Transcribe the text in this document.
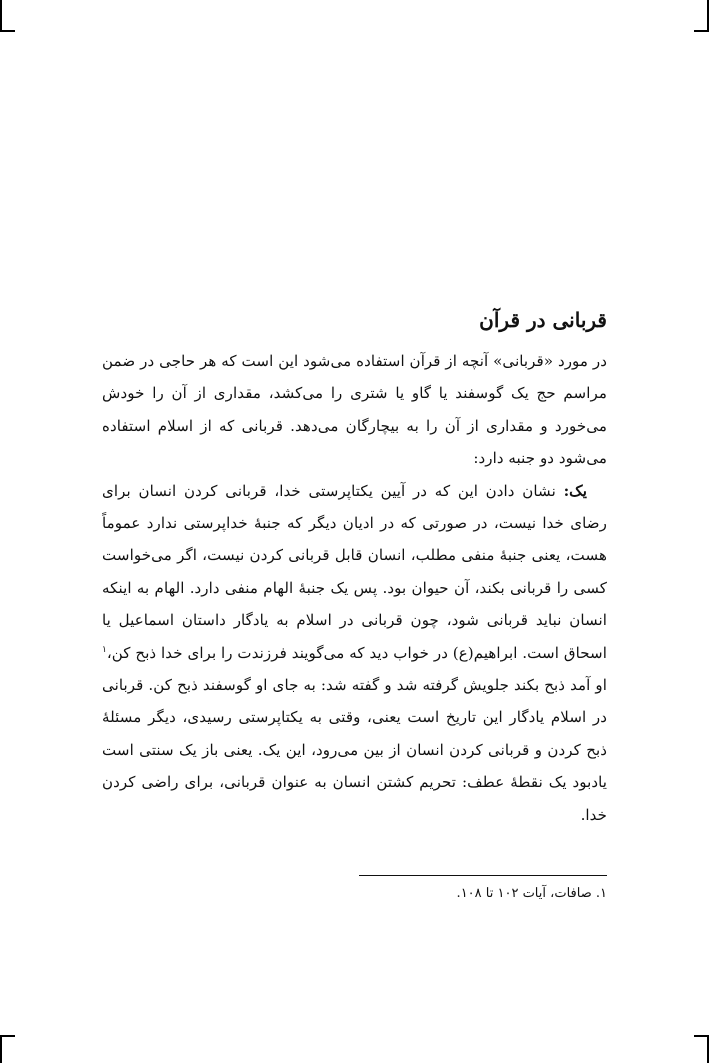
قربانی در قرآن

در مورد «قربانی» آنچه از قرآن استفاده می‌شود این است که هر حاجی در ضمن مراسم حج یک گوسفند یا گاو یا شتری را می‌کشد، مقداری از آن را خودش می‌خورد و مقداری از آن را به بیچارگان می‌دهد. قربانی که از اسلام استفاده می‌شود دو جنبه دارد:

یک: نشان دادن این که در آیین یکتاپرستی خدا، قربانی کردن انسان برای رضای خدا نیست، در صورتی که در ادیان دیگر که جنبهٔ خداپرستی ندارد عموماً هست، یعنی جنبهٔ منفی مطلب، انسان قابل قربانی کردن نیست، اگر می‌خواست کسی را قربانی بکند، آن حیوان بود. پس یک جنبهٔ الهام منفی دارد. الهام به اینکه انسان نباید قربانی شود، چون قربانی در اسلام به یادگار داستان اسماعیل یا اسحاق است. ابراهیم(ع) در خواب دید که می‌گویند فرزندت را برای خدا ذبح کن،$^۱$ او آمد ذبح بکند جلویش گرفته شد و گفته شد: به جای او گوسفند ذبح کن. قربانی در اسلام یادگار این تاریخ است یعنی، وقتی به یکتاپرستی رسیدی، دیگر مسئلهٔ ذبح کردن و قربانی کردن انسان از بین می‌رود، این یک. یعنی باز یک سنتی است یادبود یک نقطهٔ عطف: تحریم کشتن انسان به عنوان قربانی، برای راضی کردن خدا.

۱. صافات، آیات ۱۰۲ تا ۱۰۸.
